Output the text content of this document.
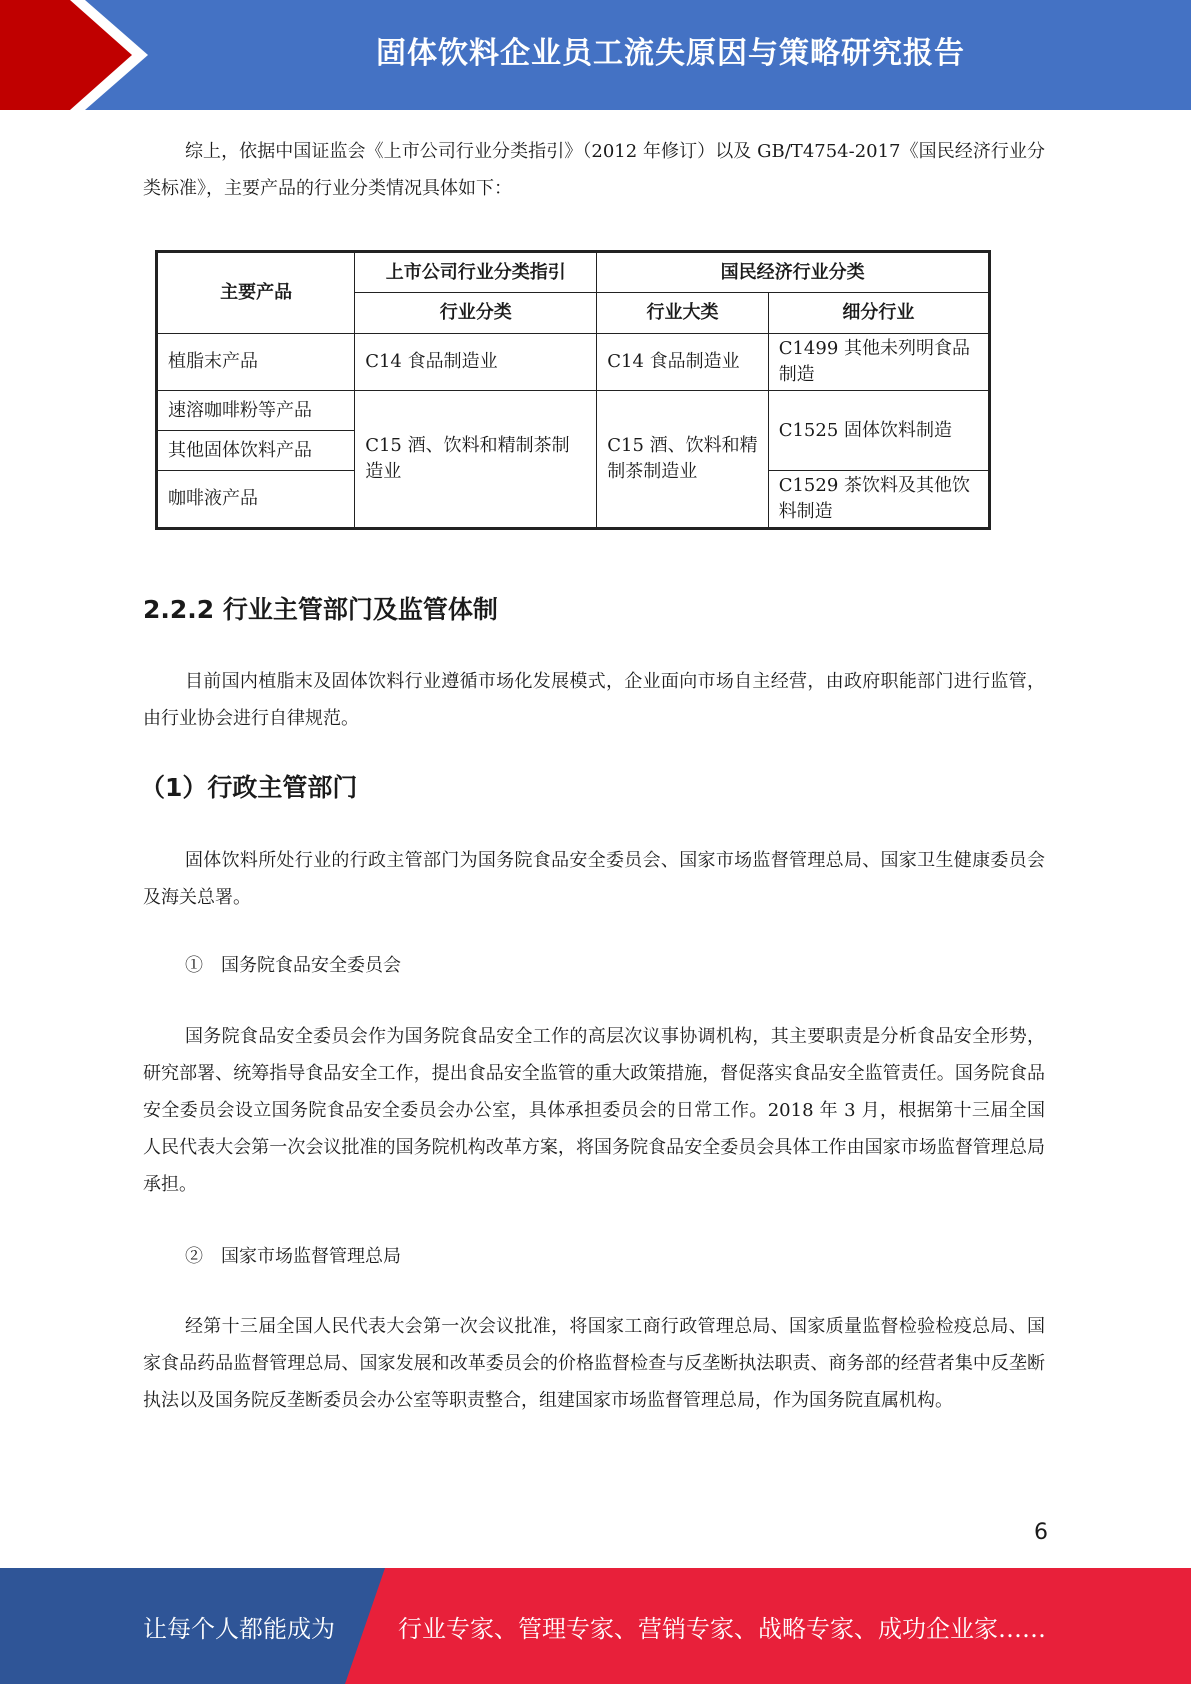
固体饮料企业员工流失原因与策略研究报告

综上，依据中国证监会《上市公司行业分类指引》（2012 年修订）以及 GB/T4754-2017《国民经济行业分类标准》，主要产品的行业分类情况具体如下：

主要产品	上市公司行业分类指引	国民经济行业分类	
	行业分类	行业大类	细分行业
植脂末产品	C14 食品制造业	C14 食品制造业	C1499 其他未列明食品制造
速溶咖啡粉等产品	C15 酒、饮料和精制茶制造业	C15 酒、饮料和精制茶制造业	C1525 固体饮料制造
其他固体饮料产品			
咖啡液产品			C1529 茶饮料及其他饮料制造
2.2.2 行业主管部门及监管体制

目前国内植脂末及固体饮料行业遵循市场化发展模式，企业面向市场自主经营，由政府职能部门进行监管，由行业协会进行自律规范。

（1）行政主管部门

固体饮料所处行业的行政主管部门为国务院食品安全委员会、国家市场监督管理总局、国家卫生健康委员会及海关总署。

①　国务院食品安全委员会

国务院食品安全委员会作为国务院食品安全工作的高层次议事协调机构，其主要职责是分析食品安全形势，研究部署、统筹指导食品安全工作，提出食品安全监管的重大政策措施，督促落实食品安全监管责任。国务院食品安全委员会设立国务院食品安全委员会办公室，具体承担委员会的日常工作。2018 年 3 月，根据第十三届全国人民代表大会第一次会议批准的国务院机构改革方案，将国务院食品安全委员会具体工作由国家市场监督管理总局承担。

②　国家市场监督管理总局

经第十三届全国人民代表大会第一次会议批准，将国家工商行政管理总局、国家质量监督检验检疫总局、国家食品药品监督管理总局、国家发展和改革委员会的价格监督检查与反垄断执法职责、商务部的经营者集中反垄断执法以及国务院反垄断委员会办公室等职责整合，组建国家市场监督管理总局，作为国务院直属机构。

6
让每个人都能成为	行业专家、管理专家、营销专家、战略专家、成功企业家……
